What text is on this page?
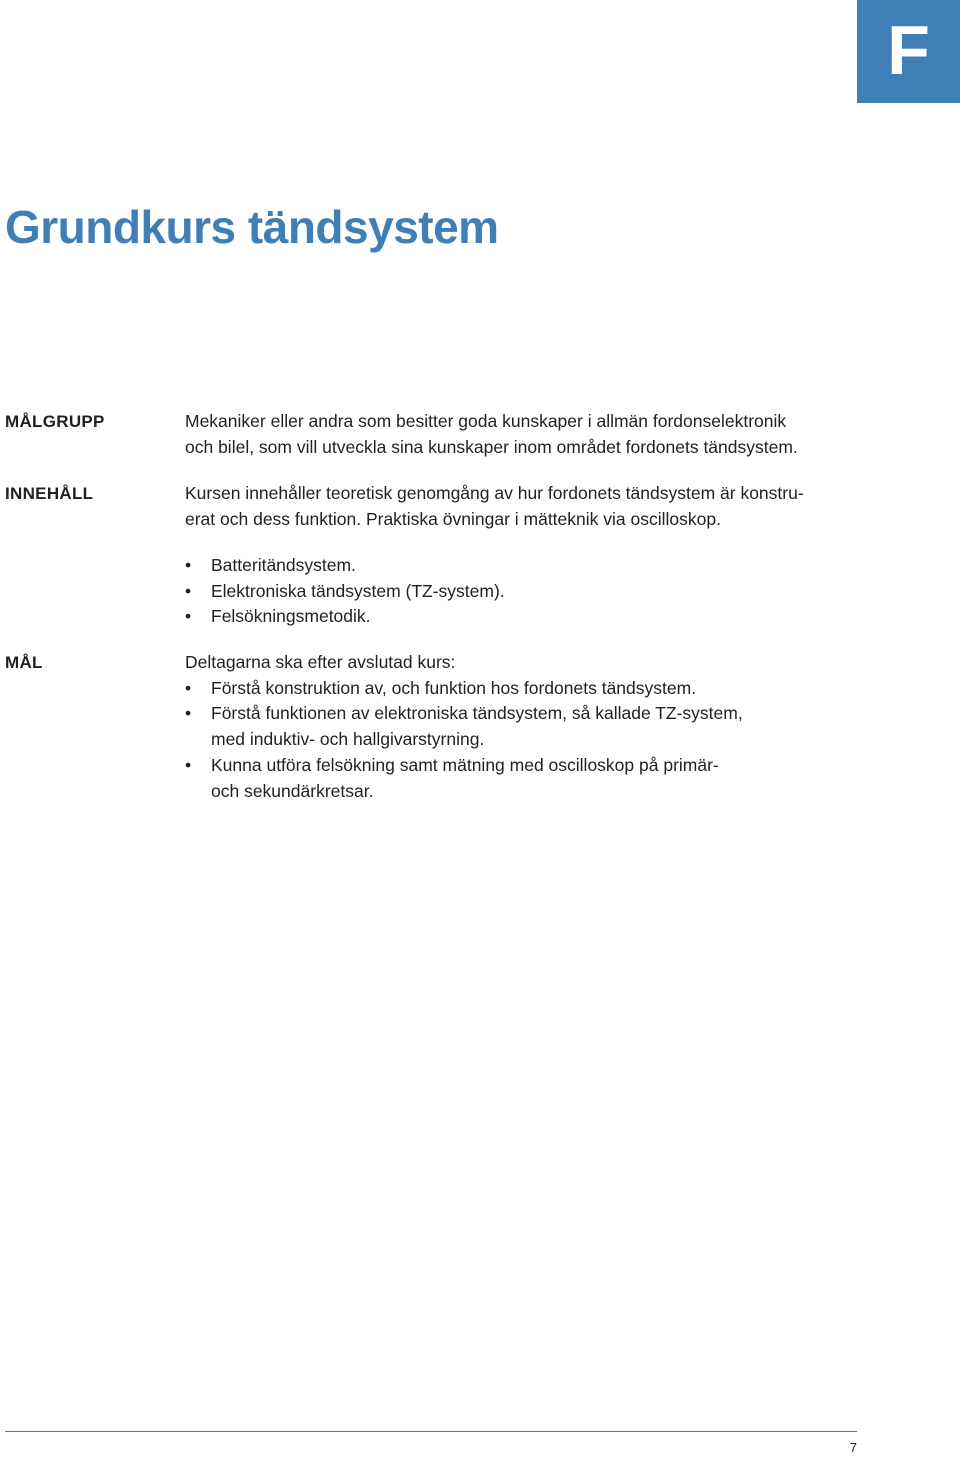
F
Grundkurs tändsystem
MÅLGRUPP	Mekaniker eller andra som besitter goda kunskaper i allmän fordonselektronik
och bilel, som vill utveckla sina kunskaper inom området fordonets tändsystem.

INNEHÅLL	Kursen innehåller teoretisk genomgång av hur fordonets tändsystem är konstru-
erat och dess funktion. Praktiska övningar i mätteknik via oscilloskop.

• Batteritändsystem.
• Elektroniska tändsystem (TZ-system).
• Felsökningsmetodik.
MÅL	Deltagarna ska efter avslutad kurs:

• Förstå konstruktion av, och funktion hos fordonets tändsystem.
• Förstå funktionen av elektroniska tändsystem, så kallade TZ-system,
med induktiv- och hallgivarstyrning.
• Kunna utföra felsökning samt mätning med oscilloskop på primär-
och sekundärkretsar.
7
